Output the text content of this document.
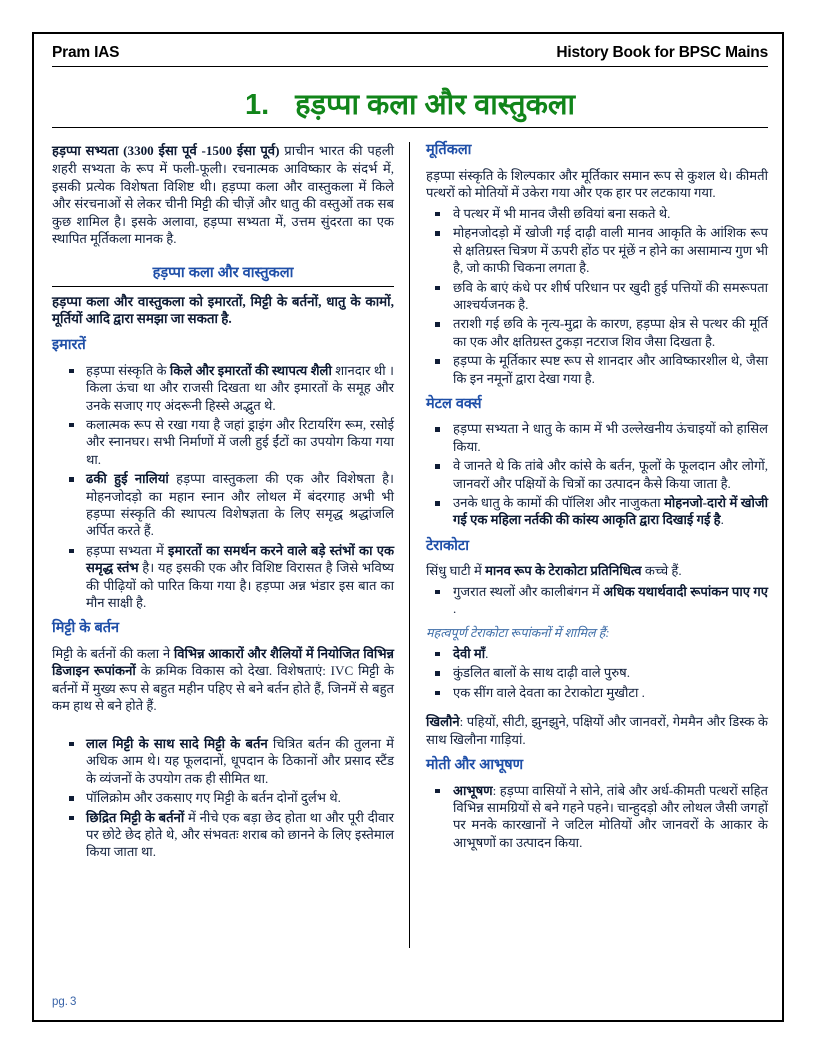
Pram IAS	History Book for BPSC Mains
1. हड़प्पा कला और वास्तुकला

हड़प्पा सभ्यता (3300 ईसा पूर्व -1500 ईसा पूर्व) प्राचीन भारत की पहली शहरी सभ्यता के रूप में फली-फूली। रचनात्मक आविष्कार के संदर्भ में, इसकी प्रत्येक विशेषता विशिष्ट थी। हड़प्पा कला और वास्तुकला में किले और संरचनाओं से लेकर चीनी मिट्टी की चीज़ें और धातु की वस्तुओं तक सब कुछ शामिल है। इसके अलावा, हड़प्पा सभ्यता में, उत्तम सुंदरता का एक स्थापित मूर्तिकला मानक है.

हड़प्पा कला और वास्तुकला

हड़प्पा कला और वास्तुकला को इमारतों, मिट्टी के बर्तनों, धातु के कामों, मूर्तियों आदि द्वारा समझा जा सकता है.

इमारतें
हड़प्पा संस्कृति के किले और इमारतों की स्थापत्य शैली शानदार थी । किला ऊंचा था और राजसी दिखता था और इमारतों के समूह और उनके सजाए गए अंदरूनी हिस्से अद्भुत थे.
कलात्मक रूप से रखा गया है जहां ड्राइंग और रिटायरिंग रूम, रसोई और स्नानघर। सभी निर्माणों में जली हुई ईंटों का उपयोग किया गया था.
ढकी हुई नालियां हड़प्पा वास्तुकला की एक और विशेषता है। मोहनजोदड़ो का महान स्नान और लोथल में बंदरगाह अभी भी हड़प्पा संस्कृति की स्थापत्य विशेषज्ञता के लिए समृद्ध श्रद्धांजलि अर्पित करते हैं.
हड़प्पा सभ्यता में इमारतों का समर्थन करने वाले बड़े स्तंभों का एक समृद्ध स्तंभ है। यह इसकी एक और विशिष्ट विरासत है जिसे भविष्य की पीढ़ियों को पारित किया गया है। हड़प्पा अन्न भंडार इस बात का मौन साक्षी है.
मिट्टी के बर्तन

मिट्टी के बर्तनों की कला ने विभिन्न आकारों और शैलियों में नियोजित विभिन्न डिजाइन रूपांकनों के क्रमिक विकास को देखा. विशेषताएं: IVC मिट्टी के बर्तनों में मुख्य रूप से बहुत महीन पहिए से बने बर्तन होते हैं, जिनमें से बहुत कम हाथ से बने होते हैं.

लाल मिट्टी के साथ सादे मिट्टी के बर्तन चित्रित बर्तन की तुलना में अधिक आम थे। यह फूलदानों, धूपदान के ठिकानों और प्रसाद स्टैंड के व्यंजनों के उपयोग तक ही सीमित था.
पॉलिक्रोम और उकसाए गए मिट्टी के बर्तन दोनों दुर्लभ थे.
छिद्रित मिट्टी के बर्तनों में नीचे एक बड़ा छेद होता था और पूरी दीवार पर छोटे छेद होते थे, और संभवतः शराब को छानने के लिए इस्तेमाल किया जाता था.
मूर्तिकला

हड़प्पा संस्कृति के शिल्पकार और मूर्तिकार समान रूप से कुशल थे। कीमती पत्थरों को मोतियों में उकेरा गया और एक हार पर लटकाया गया.

वे पत्थर में भी मानव जैसी छवियां बना सकते थे.
मोहनजोदड़ो में खोजी गई दाढ़ी वाली मानव आकृति के आंशिक रूप से क्षतिग्रस्त चित्रण में ऊपरी होंठ पर मूंछें न होने का असामान्य गुण भी है, जो काफी चिकना लगता है.
छवि के बाएं कंधे पर शीर्ष परिधान पर खुदी हुई पत्तियों की समरूपता आश्चर्यजनक है.
तराशी गई छवि के नृत्य-मुद्रा के कारण, हड़प्पा क्षेत्र से पत्थर की मूर्ति का एक और क्षतिग्रस्त टुकड़ा नटराज शिव जैसा दिखता है.
हड़प्पा के मूर्तिकार स्पष्ट रूप से शानदार और आविष्कारशील थे, जैसा कि इन नमूनों द्वारा देखा गया है.
मेटल वर्क्स
हड़प्पा सभ्यता ने धातु के काम में भी उल्लेखनीय ऊंचाइयों को हासिल किया.
वे जानते थे कि तांबे और कांसे के बर्तन, फूलों के फूलदान और लोगों, जानवरों और पक्षियों के चित्रों का उत्पादन कैसे किया जाता है.
उनके धातु के कामों की पॉलिश और नाजुकता मोहनजो-दारो में खोजी गई एक महिला नर्तकी की कांस्य आकृति द्वारा दिखाई गई है.
टेराकोटा

सिंधु घाटी में मानव रूप के टेराकोटा प्रतिनिधित्व कच्चे हैं.

गुजरात स्थलों और कालीबंगन में अधिक यथार्थवादी रूपांकन पाए गए .
महत्वपूर्ण टेराकोटा रूपांकनों में शामिल हैं:
देवी माँ.
कुंडलित बालों के साथ दाढ़ी वाले पुरुष.
एक सींग वाले देवता का टेराकोटा मुखौटा .

खिलौने: पहियों, सीटी, झुनझुने, पक्षियों और जानवरों, गेममैन और डिस्क के साथ खिलौना गाड़ियां.

मोती और आभूषण
आभूषण: हड़प्पा वासियों ने सोने, तांबे और अर्ध-कीमती पत्थरों सहित विभिन्न सामग्रियों से बने गहने पहने। चान्हुदड़ो और लोथल जैसी जगहों पर मनके कारखानों ने जटिल मोतियों और जानवरों के आकार के आभूषणों का उत्पादन किया.
pg. 3
